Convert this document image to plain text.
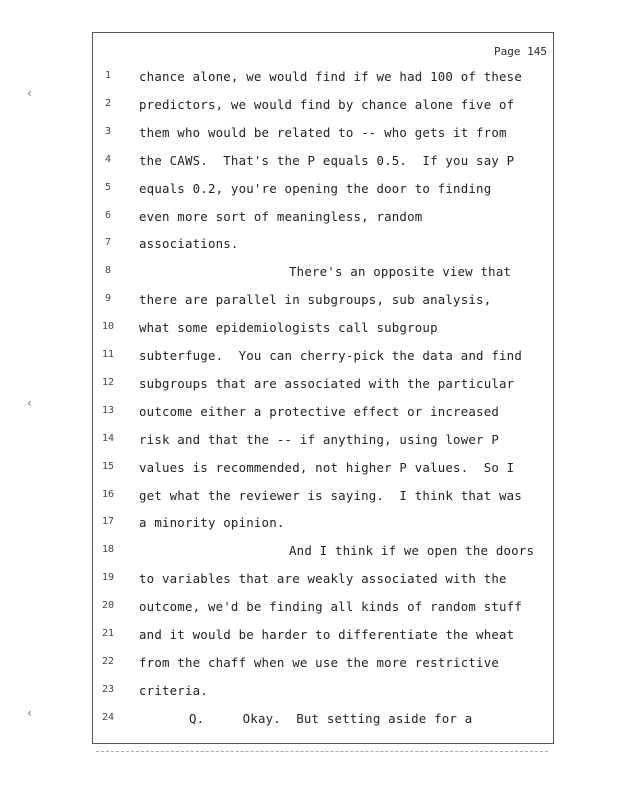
Page 145
1	chance alone, we would find if we had 100 of these
2	predictors, we would find by chance alone five of
3	them who would be related to -- who gets it from
4	the CAWS.  That's the P equals 0.5.  If you say P
5	equals 0.2, you're opening the door to finding
6	even more sort of meaningless, random
7	associations.
8	There's an opposite view that
9	there are parallel in subgroups, sub analysis,
10	what some epidemiologists call subgroup
11	subterfuge.  You can cherry-pick the data and find
12	subgroups that are associated with the particular
13	outcome either a protective effect or increased
14	risk and that the -- if anything, using lower P
15	values is recommended, not higher P values.  So I
16	get what the reviewer is saying.  I think that was
17	a minority opinion.
18	And I think if we open the doors
19	to variables that are weakly associated with the
20	outcome, we'd be finding all kinds of random stuff
21	and it would be harder to differentiate the wheat
22	from the chaff when we use the more restrictive
23	criteria.
24	Q.     Okay.  But setting aside for a
‹
‹
‹
